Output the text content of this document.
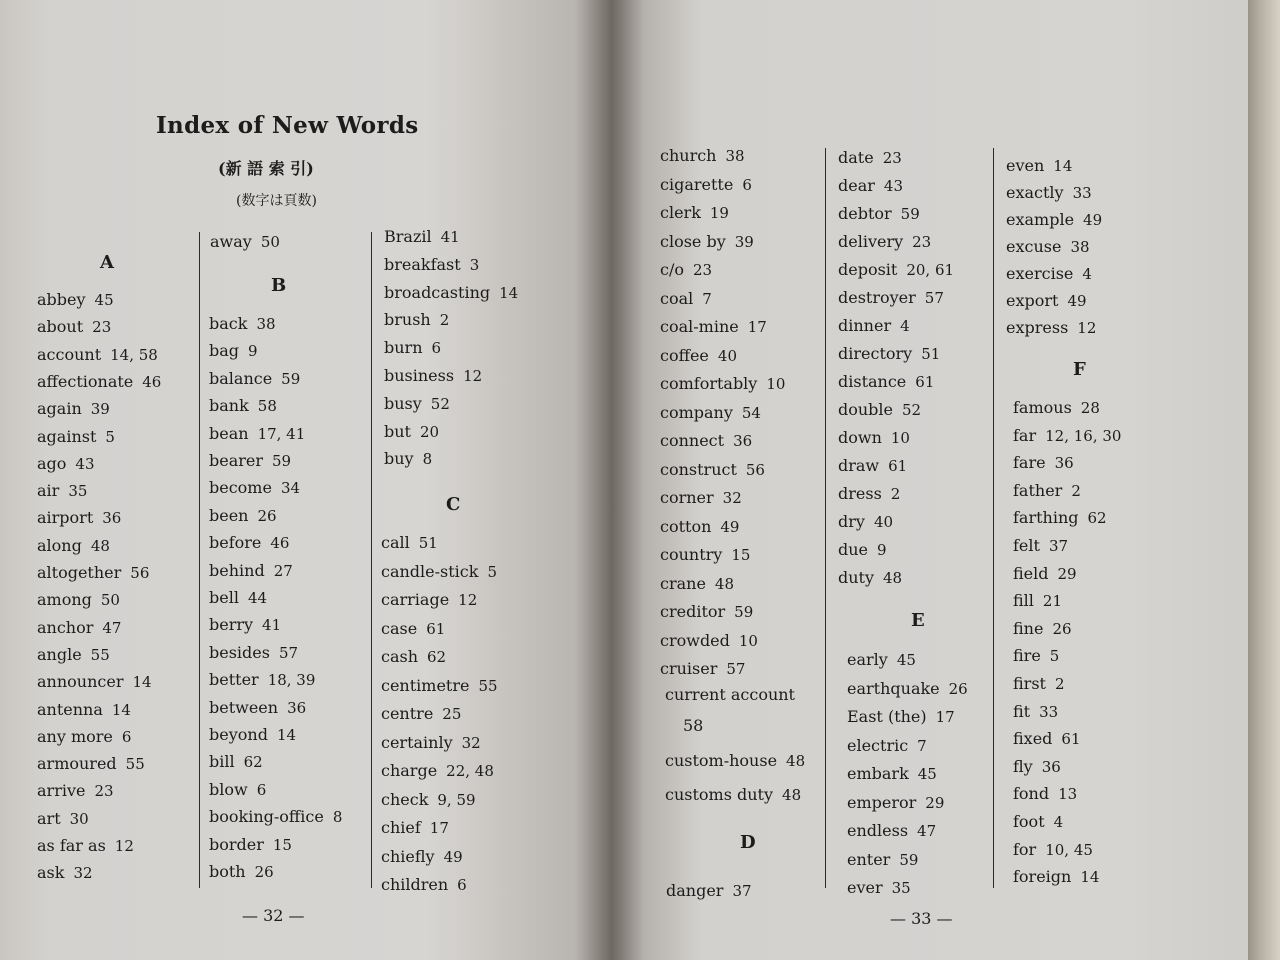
Index of New Words
(新 語 索 引)
(数字は頁数)
A
away 50
B
C
abbey 45
about 23
account 14, 58
affectionate 46
again 39
against 5
ago 43
air 35
airport 36
along 48
altogether 56
among 50
anchor 47
angle 55
announcer 14
antenna 14
any more 6
armoured 55
arrive 23
art 30
as far as 12
ask 32
back 38
bag 9
balance 59
bank 58
bean 17, 41
bearer 59
become 34
been 26
before 46
behind 27
bell 44
berry 41
besides 57
better 18, 39
between 36
beyond 14
bill 62
blow 6
booking-office 8
border 15
both 26
Brazil 41
breakfast 3
broadcasting 14
brush 2
burn 6
business 12
busy 52
but 20
buy 8
call 51
candle-stick 5
carriage 12
case 61
cash 62
centimetre 55
centre 25
certainly 32
charge 22, 48
check 9, 59
chief 17
chiefly 49
children 6
— 32 —
church 38
cigarette 6
clerk 19
close by 39
c/o 23
coal 7
coal-mine 17
coffee 40
comfortably 10
company 54
connect 36
construct 56
corner 32
cotton 49
country 15
crane 48
creditor 59
crowded 10
cruiser 57
current account
58
custom-house 48
customs duty 48
D
danger 37
date 23
dear 43
debtor 59
delivery 23
deposit 20, 61
destroyer 57
dinner 4
directory 51
distance 61
double 52
down 10
draw 61
dress 2
dry 40
due 9
duty 48
early 45
earthquake 26
East (the) 17
electric 7
embark 45
emperor 29
endless 47
enter 59
ever 35
E
even 14
exactly 33
example 49
excuse 38
exercise 4
export 49
express 12
famous 28
far 12, 16, 30
fare 36
father 2
farthing 62
felt 37
field 29
fill 21
fine 26
fire 5
first 2
fit 33
fixed 61
fly 36
fond 13
foot 4
for 10, 45
foreign 14
F
— 33 —
